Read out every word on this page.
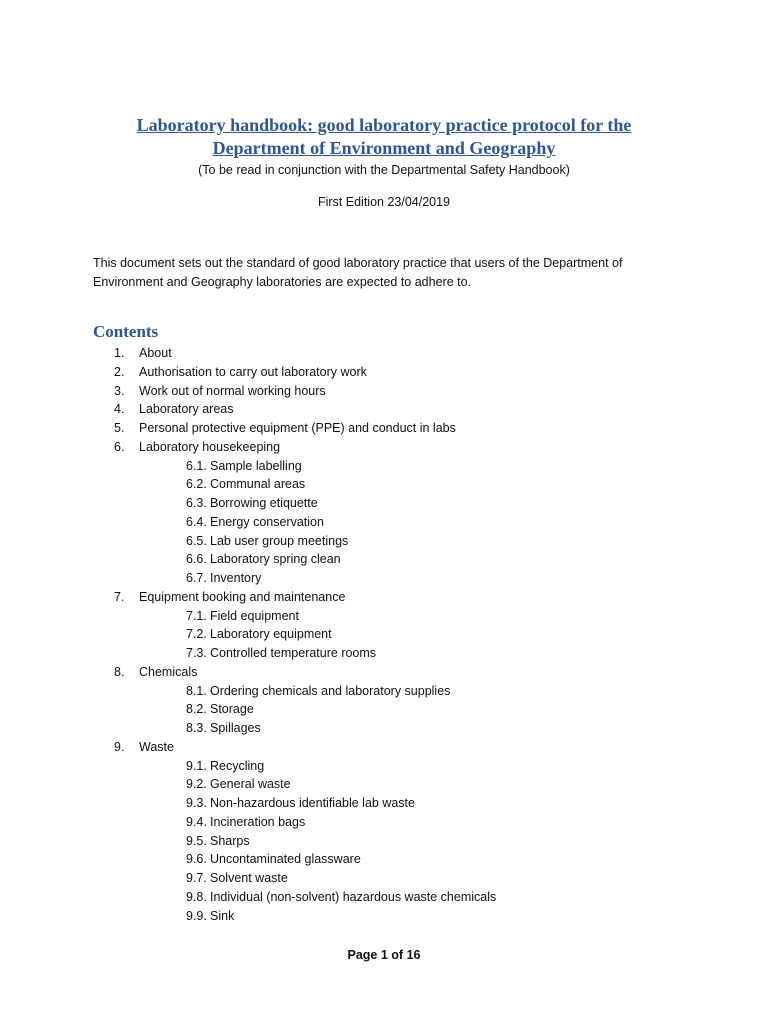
Laboratory handbook: good laboratory practice protocol for the
Department of Environment and Geography
(To be read in conjunction with the Departmental Safety Handbook)
First Edition 23/04/2019
This document sets out the standard of good laboratory practice that users of the Department of
Environment and Geography laboratories are expected to adhere to.
Contents
1. About
2. Authorisation to carry out laboratory work
3. Work out of normal working hours
4. Laboratory areas
5. Personal protective equipment (PPE) and conduct in labs
6. Laboratory housekeeping
6.1. Sample labelling
6.2. Communal areas
6.3. Borrowing etiquette
6.4. Energy conservation
6.5. Lab user group meetings
6.6. Laboratory spring clean
6.7. Inventory
7. Equipment booking and maintenance
7.1. Field equipment
7.2. Laboratory equipment
7.3. Controlled temperature rooms
8. Chemicals
8.1. Ordering chemicals and laboratory supplies
8.2. Storage
8.3. Spillages
9. Waste
9.1. Recycling
9.2. General waste
9.3. Non-hazardous identifiable lab waste
9.4. Incineration bags
9.5. Sharps
9.6. Uncontaminated glassware
9.7. Solvent waste
9.8. Individual (non-solvent) hazardous waste chemicals
9.9. Sink
Page 1 of 16
